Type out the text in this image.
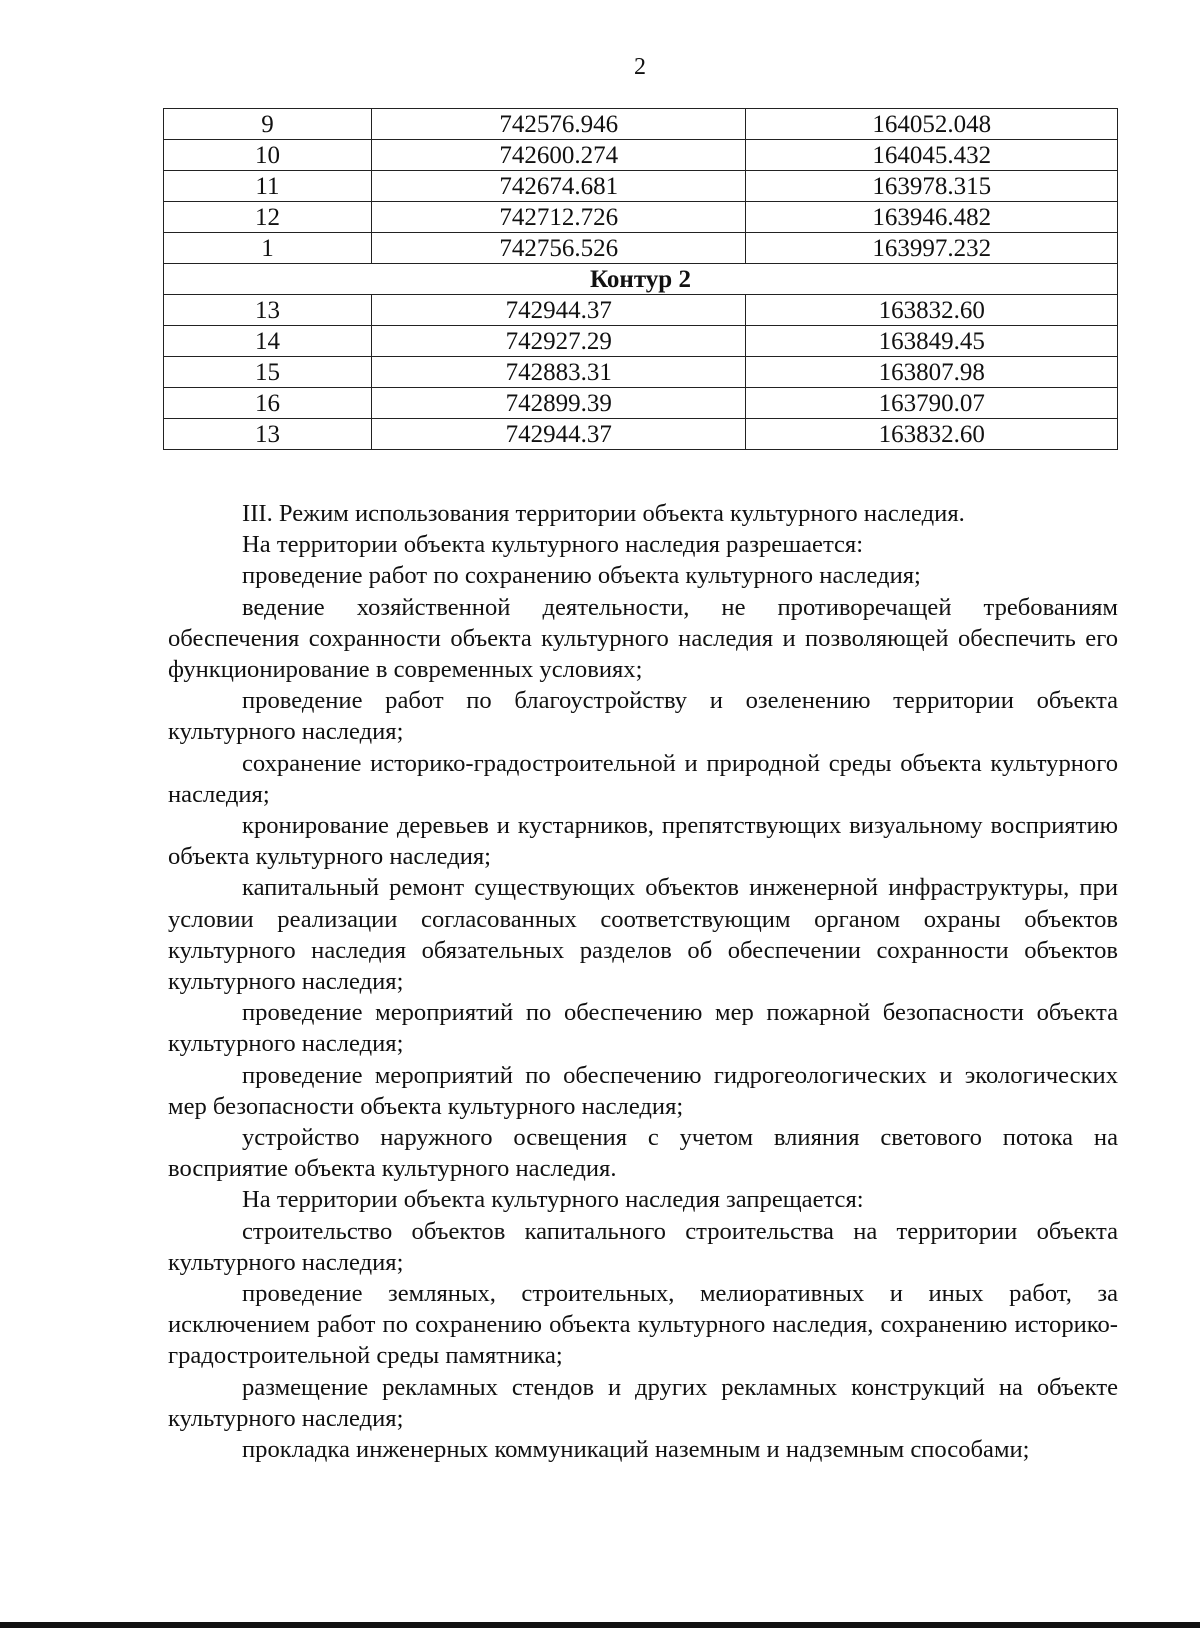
2
9	742576.946	164052.048
10	742600.274	164045.432
11	742674.681	163978.315
12	742712.726	163946.482
1	742756.526	163997.232
Контур 2		
13	742944.37	163832.60
14	742927.29	163849.45
15	742883.31	163807.98
16	742899.39	163790.07
13	742944.37	163832.60

III. Режим использования территории объекта культурного наследия.

На территории объекта культурного наследия разрешается:

проведение работ по сохранению объекта культурного наследия;

ведение хозяйственной деятельности, не противоречащей требованиям обеспечения сохранности объекта культурного наследия и позволяющей обеспечить его функционирование в современных условиях;

проведение работ по благоустройству и озеленению территории объекта культурного наследия;

сохранение историко-градостроительной и природной среды объекта культурного наследия;

кронирование деревьев и кустарников, препятствующих визуальному восприятию объекта культурного наследия;

капитальный ремонт существующих объектов инженерной инфраструктуры, при условии реализации согласованных соответствующим органом охраны объектов культурного наследия обязательных разделов об обеспечении сохранности объектов культурного наследия;

проведение мероприятий по обеспечению мер пожарной безопасности объекта культурного наследия;

проведение мероприятий по обеспечению гидрогеологических и экологических мер безопасности объекта культурного наследия;

устройство наружного освещения с учетом влияния светового потока на восприятие объекта культурного наследия.

На территории объекта культурного наследия запрещается:

строительство объектов капитального строительства на территории объекта культурного наследия;

проведение земляных, строительных, мелиоративных и иных работ, за исключением работ по сохранению объекта культурного наследия, сохранению историко-градостроительной среды памятника;

размещение рекламных стендов и других рекламных конструкций на объекте культурного наследия;

прокладка инженерных коммуникаций наземным и надземным способами;
